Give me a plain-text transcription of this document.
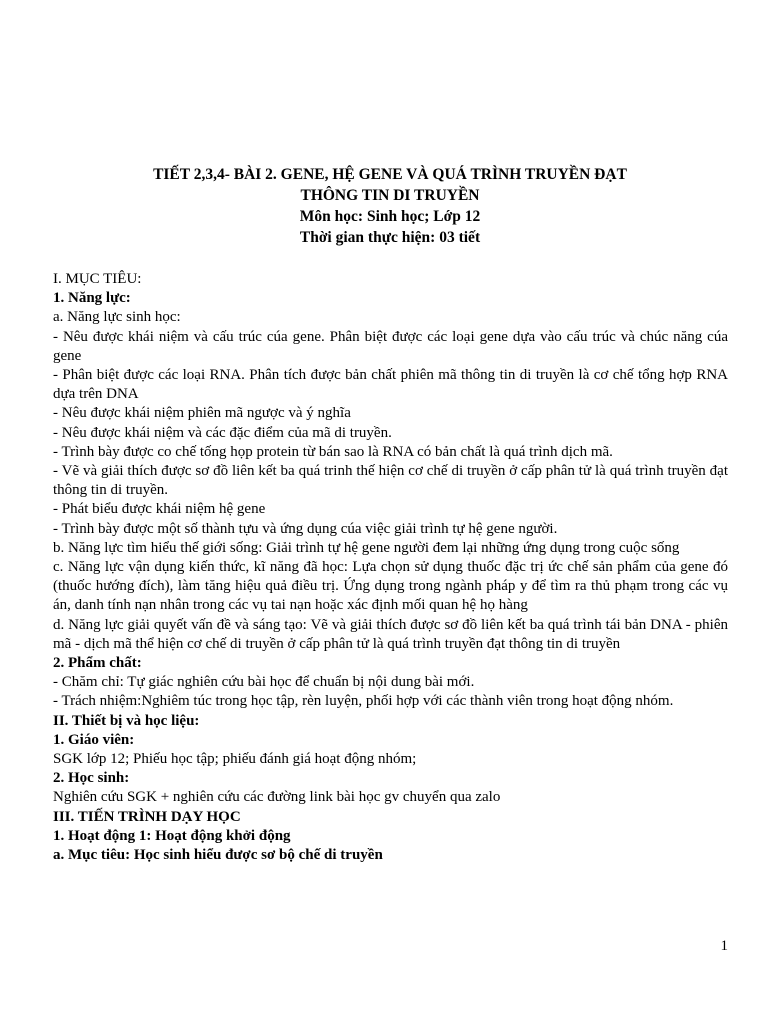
TIẾT 2,3,4- BÀI 2. GENE, HỆ GENE VÀ QUÁ TRÌNH TRUYỀN ĐẠT
THÔNG TIN DI TRUYỀN
Môn học: Sinh học; Lớp 12
Thời gian thực hiện: 03 tiết

I. MỤC TIÊU:

1. Năng lực:

a. Năng lực sinh học:

- Nêu được khái niệm và cấu trúc cúa gene. Phân biệt được các loại gene dựa vào cấu trúc và chúc năng cúa gene

- Phân biệt được các loại RNA. Phân tích được bản chất phiên mã thông tin di truyền là cơ chế tổng hợp RNA dựa trên DNA

- Nêu được khái niệm phiên mã ngược và ý nghĩa

- Nêu được khái niệm và các đặc điểm của mã di truyền.

- Trình bày được co chế tống họp protein từ bán sao là RNA có bản chất là quá trình dịch mã.

- Vẽ và giải thích được sơ đồ liên kết ba quá trinh thế hiện cơ chế di truyền ở cấp phân tử là quá trình truyền đạt thông tin di truyền.

- Phát biểu được khái niệm hệ gene

- Trình bày được một số thành tựu và ứng dụng cúa việc giải trình tự hệ gene người.

b. Năng lực tìm hiểu thế giới sống: Giải trình tự hệ gene người đem lại những ứng dụng trong cuộc sống

c. Năng lực vận dụng kiến thức, kĩ năng đã học: Lựa chọn sử dụng thuốc đặc trị ức chế sản phẩm của gene đó (thuốc hướng đích), làm tăng hiệu quả điều trị. Ứng dụng trong ngành pháp y để tìm ra thủ phạm trong các vụ án, danh tính nạn nhân trong các vụ tai nạn hoặc xác định mối quan hệ họ hàng

d. Năng lực giải quyết vấn đề và sáng tạo: Vẽ và giải thích được sơ đồ liên kết ba quá trình tái bản DNA - phiên mã - dịch mã thể hiện cơ chế di truyền ở cấp phân tử là quá trình truyền đạt thông tin di truyền

2. Phẩm chất:

- Chăm chỉ: Tự giác nghiên cứu bài học để chuẩn bị nội dung bài mới.

- Trách nhiệm:Nghiêm túc trong học tập, rèn luyện, phối hợp với các thành viên trong hoạt động nhóm.

II. Thiết bị và học liệu:

1. Giáo viên:

SGK lớp 12; Phiếu học tập; phiếu đánh giá hoạt động nhóm;

2. Học sinh:

Nghiên cứu SGK + nghiên cứu các đường link bài học gv chuyển qua zalo

III. TIẾN TRÌNH DẠY HỌC

1. Hoạt động 1: Hoạt động khởi động

a. Mục tiêu: Học sinh hiểu được sơ bộ chế di truyền

1
